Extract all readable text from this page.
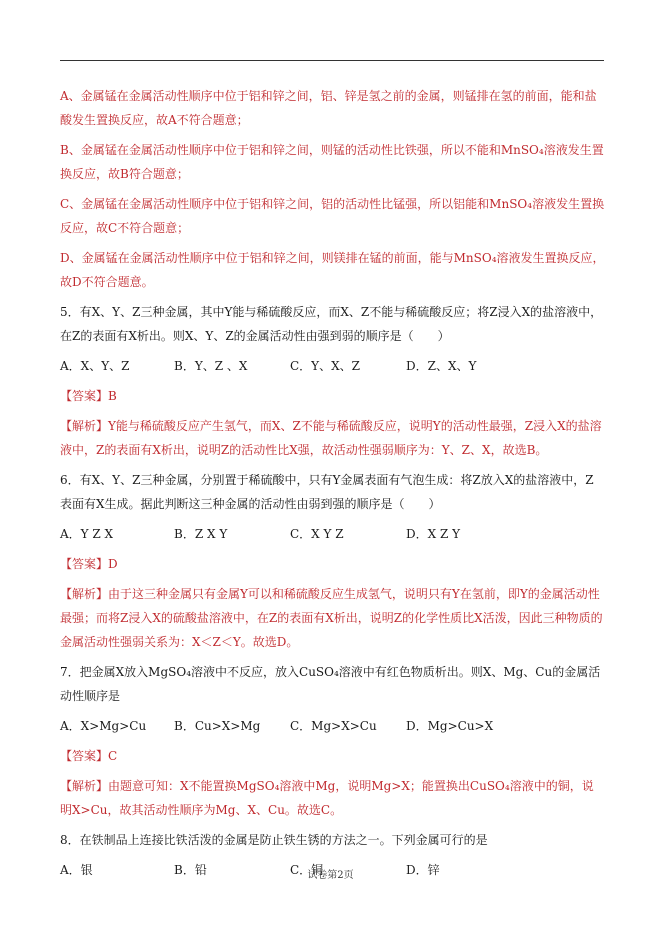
A、金属锰在金属活动性顺序中位于铝和锌之间，铝、锌是氢之前的金属，则锰排在氢的前面，能和盐酸发生置换反应，故A不符合题意；

B、金属锰在金属活动性顺序中位于铝和锌之间，则锰的活动性比铁强，所以不能和MnSO₄溶液发生置换反应，故B符合题意；

C、金属锰在金属活动性顺序中位于铝和锌之间，铝的活动性比锰强，所以铝能和MnSO₄溶液发生置换反应，故C不符合题意；

D、金属锰在金属活动性顺序中位于铝和锌之间，则镁排在锰的前面，能与MnSO₄溶液发生置换反应，故D不符合题意。

5．有X、Y、Z三种金属，其中Y能与稀硫酸反应，而X、Z不能与稀硫酸反应；将Z浸入X的盐溶液中，在Z的表面有X析出。则X、Y、Z的金属活动性由强到弱的顺序是（　　）

A．X、Y、Z	B．Y、Z 、X	C．Y、X、Z	D．Z、X、Y
【答案】B

【解析】Y能与稀硫酸反应产生氢气，而X、Z不能与稀硫酸反应，说明Y的活动性最强，Z浸入X的盐溶液中，Z的表面有X析出，说明Z的活动性比X强，故活动性强弱顺序为：Y、Z、X，故选B。

6．有X、Y、Z三种金属，分别置于稀硫酸中，只有Y金属表面有气泡生成：将Z放入X的盐溶液中，Z表面有X生成。据此判断这三种金属的活动性由弱到强的顺序是（　　）

A．Y Z X	B．Z X Y	C．X Y Z	D．X Z Y
【答案】D

【解析】由于这三种金属只有金属Y可以和稀硫酸反应生成氢气，说明只有Y在氢前，即Y的金属活动性最强；而将Z浸入X的硫酸盐溶液中，在Z的表面有X析出，说明Z的化学性质比X活泼，因此三种物质的金属活动性强弱关系为：X＜Z＜Y。故选D。

7．把金属X放入MgSO₄溶液中不反应，放入CuSO₄溶液中有红色物质析出。则X、Mg、Cu的金属活动性顺序是

A．X>Mg>Cu	B．Cu>X>Mg	C．Mg>X>Cu	D．Mg>Cu>X
【答案】C

【解析】由题意可知：X不能置换MgSO₄溶液中Mg，说明Mg>X；能置换出CuSO₄溶液中的铜，说明X>Cu，故其活动性顺序为Mg、X、Cu。故选C。

8．在铁制品上连接比铁活泼的金属是防止铁生锈的方法之一。下列金属可行的是

A．银	B．铅	C．铜	D．锌
试卷第2页
